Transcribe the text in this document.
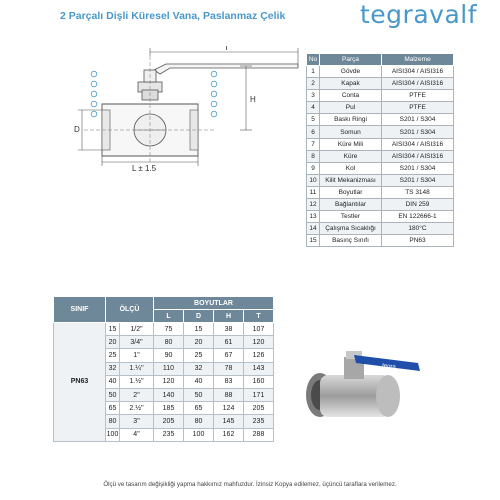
2 Parçalı Dişli Küresel Vana, Paslanmaz Çelik	tegravalf
T
H
D
L ± 1.5
No	Parça	Malzeme
1	Gövde	AISI304 / AISI316
2	Kapak	AISI304 / AISI316
3	Conta	PTFE
4	Pul	PTFE
5	Baskı Ringi	S201 / S304
6	Somun	S201 / S304
7	Küre Mili	AISI304 / AISI316
8	Küre	AISI304 / AISI316
9	Kol	S201 / S304
10	Kilit Mekanizması	S201 / S304
11	Boyutlar	TS 3148
12	Bağlantılar	DIN 259
13	Testler	EN 122666-1
14	Çalışma Sıcaklığı	180°C
15	Basınç Sınıfı	PN63
SINIF	ÖLÇÜ		BOYUTLAR			
			L	D	H	T
PN63	15	1/2"	75	15	38	107
	20	3/4"	80	20	61	120
	25	1"	90	25	67	126
	32	1.¼"	110	32	78	143
	40	1.½"	120	40	83	160
	50	2"	140	50	88	171
	65	2.½"	185	65	124	205
	80	3"	205	80	145	235
	100	4"	235	100	162	288
tegra
Ölçü ve tasarım değişikliği yapma hakkımız mahfuzdur. İzinsiz Kopya edilemez, üçüncü taraflara verilemez.
